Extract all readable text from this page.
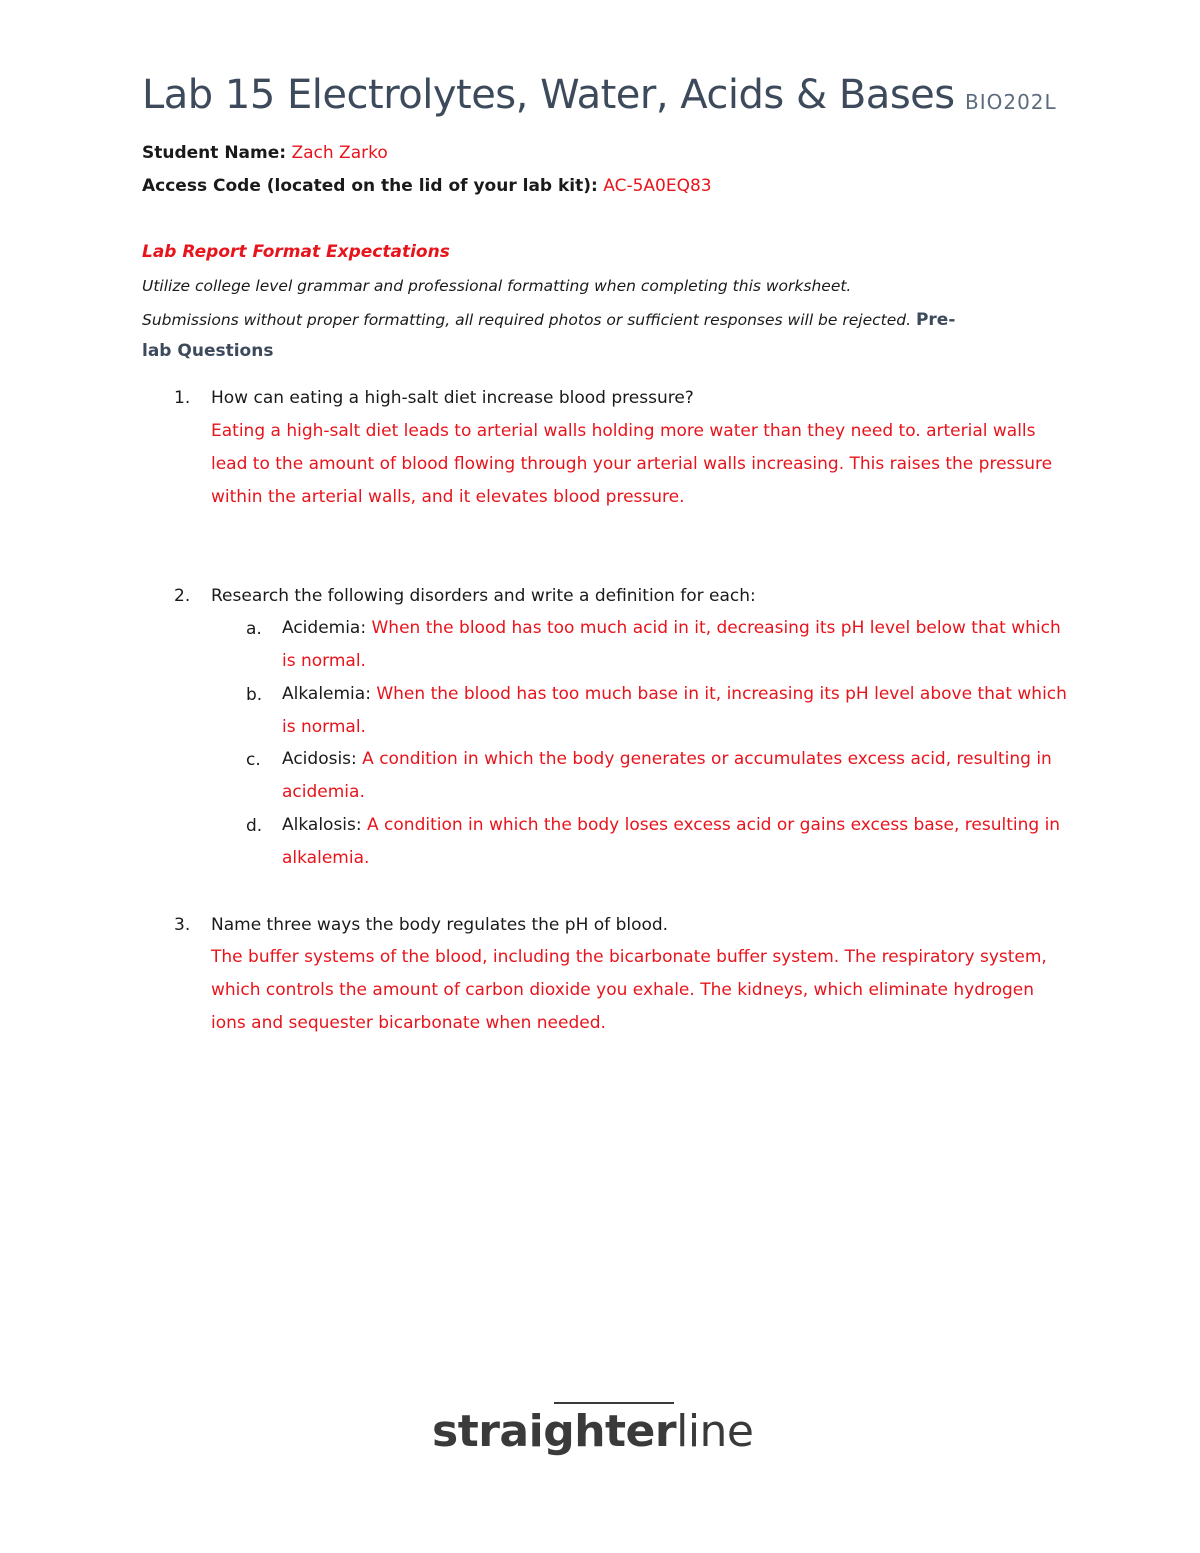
Lab 15 Electrolytes, Water, Acids & Bases BIO202L
Student Name: Zach Zarko
Access Code (located on the lid of your lab kit): AC-5A0EQ83
Lab Report Format Expectations
Utilize college level grammar and professional formatting when completing this worksheet.
Submissions without proper formatting, all required photos or sufficient responses will be rejected. Pre-
lab Questions
1. How can eating a high-salt diet increase blood pressure?
Eating a high-salt diet leads to arterial walls holding more water than they need to. arterial walls lead to the amount of blood flowing through your arterial walls increasing. This raises the pressure within the arterial walls, and it elevates blood pressure.
2. Research the following disorders and write a definition for each:
a. Acidemia: When the blood has too much acid in it, decreasing its pH level below that which is normal.
b. Alkalemia: When the blood has too much base in it, increasing its pH level above that which is normal.
c. Acidosis: A condition in which the body generates or accumulates excess acid, resulting in acidemia.
d. Alkalosis: A condition in which the body loses excess acid or gains excess base, resulting in alkalemia.
3. Name three ways the body regulates the pH of blood.
The buffer systems of the blood, including the bicarbonate buffer system. The respiratory system, which controls the amount of carbon dioxide you exhale. The kidneys, which eliminate hydrogen ions and sequester bicarbonate when needed.
straighterline
